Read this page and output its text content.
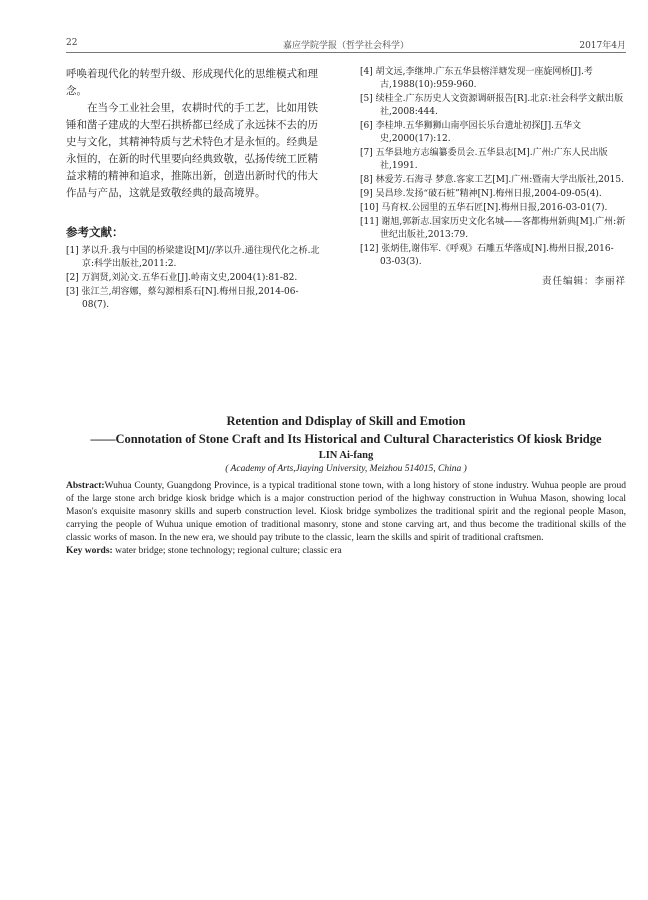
22	嘉应学院学报（哲学社会科学）	2017年4月

呼唤着现代化的转型升级、形成现代化的思维模式和理念。

在当今工业社会里，农耕时代的手工艺，比如用铁锤和凿子建成的大型石拱桥都已经成了永远抹不去的历史与文化，其精神特质与艺术特色才是永恒的。经典是永恒的，在新的时代里要向经典致敬，弘扬传统工匠精益求精的精神和追求，推陈出新，创造出新时代的伟大作品与产品，这就是致敬经典的最高境界。

参考文献：
[1] 茅以升.我与中国的桥梁建设[M]//茅以升.通往现代化之桥.北京:科学出版社,2011:2.
[2] 万润贤,刘沁文.五华石业[J].岭南文史,2004(1):81-82.
[3] 张江兰,胡容娜，蔡勾源相系石[N].梅州日报,2014-06-08(7).
[4] 胡文远,李继坤.广东五华县榕洋塘发现一座旋网桥[J].考古,1988(10):959-960.
[5] 续桂全.广东历史人文资源调研报告[R].北京:社会科学文献出版社,2008:444.
[6] 李桂坤.五华狮狮山南亭园长乐台遗址初探[J].五华文史,2000(17):12.
[7] 五华县地方志编纂委员会.五华县志[M].广州:广东人民出版社,1991.
[8] 林爱芳.石海寻 梦意.客家工艺[M].广州:暨南大学出版社,2015.
[9] 吴昌珍.发扬“破石桩”精神[N].梅州日报,2004-09-05(4).
[10] 马育权.公园里的五华石匠[N].梅州日报,2016-03-01(7).
[11] 谢旭,郭新志.国家历史文化名城——客都梅州新典[M].广州:新世纪出版社,2013:79.
[12] 张炳佳,谢伟军.《呼观》石雕五华落成[N].梅州日报,2016-03-03(3).
责任编辑：李丽祥
Retention and Ddisplay of Skill and Emotion
——Connotation of Stone Craft and Its Historical and Cultural Characteristics Of kiosk Bridge
LIN Ai-fang
( Academy of Arts,Jiaying University, Meizhou 514015, China )
Abstract:Wuhua County, Guangdong Province, is a typical traditional stone town, with a long history of stone industry. Wuhua people are proud of the large stone arch bridge kiosk bridge which is a major construction period of the highway construction in Wuhua Mason, showing local Mason's exquisite masonry skills and superb construction level. Kiosk bridge symbolizes the traditional spirit and the regional people Mason, carrying the people of Wuhua unique emotion of traditional masonry, stone and stone carving art, and thus become the traditional skills of the classic works of mason. In the new era, we should pay tribute to the classic, learn the skills and spirit of traditional craftsmen.
Key words: water bridge; stone technology; regional culture; classic era
